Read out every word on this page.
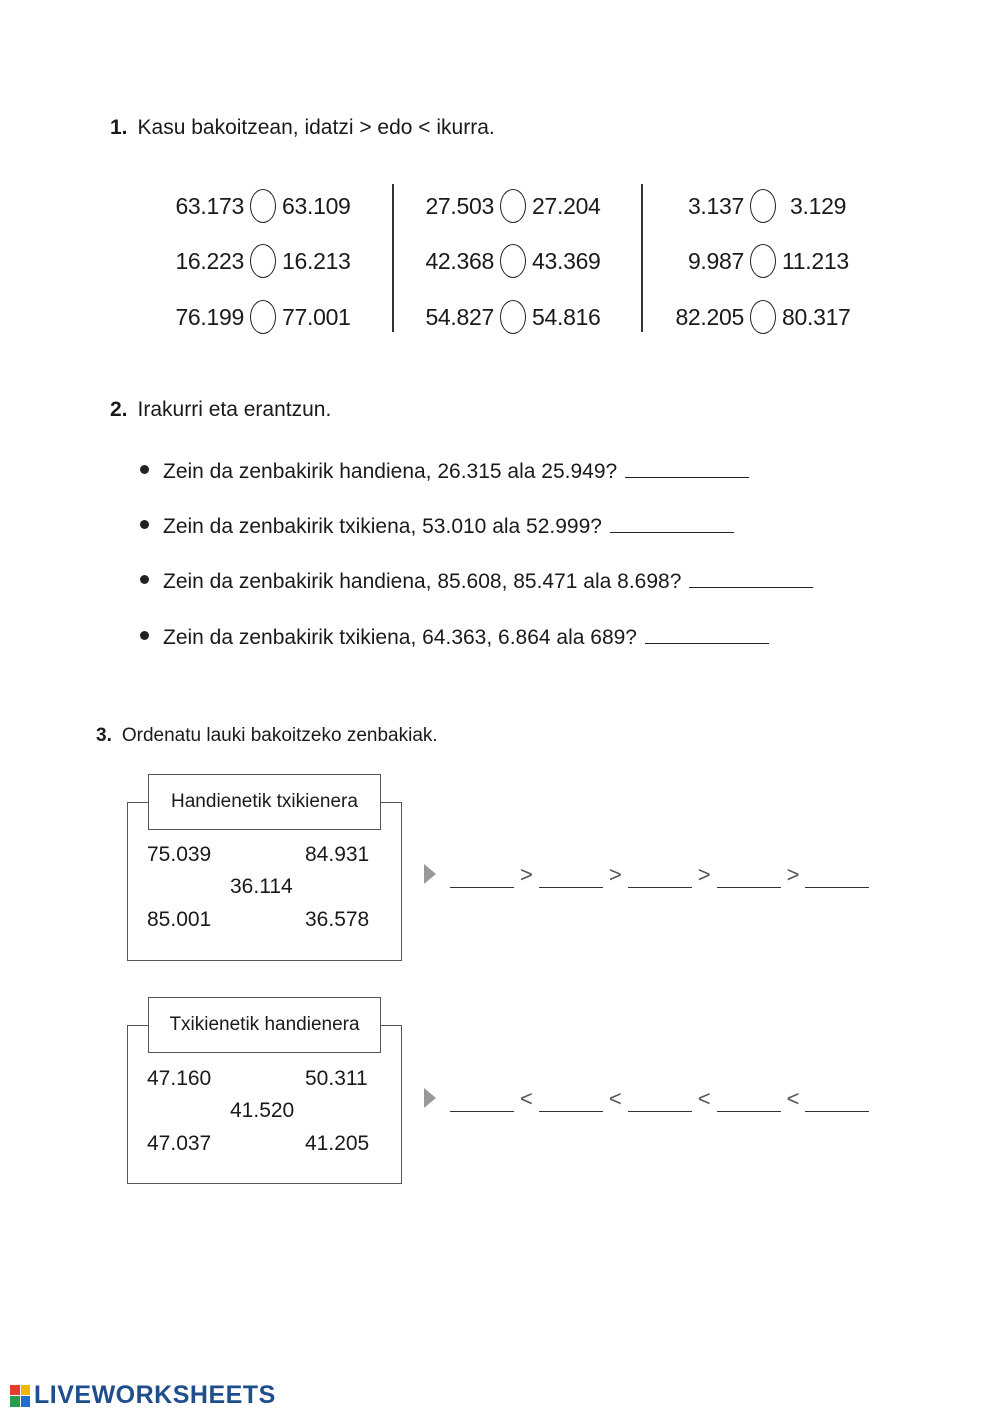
1. Kasu bakoitzean, idatzi > edo < ikurra.
63.173 63.109
16.223 16.213
76.199 77.001
27.503 27.204
42.368 43.369
54.827 54.816
3.137	3.129
9.987 11.213
82.205 80.317
2. Irakurri eta erantzun.
Zein da zenbakirik handiena, 26.315 ala 25.949?
Zein da zenbakirik txikiena, 53.010 ala 52.999?
Zein da zenbakirik handiena, 85.608, 85.471 ala 8.698?
Zein da zenbakirik txikiena, 64.363, 6.864 ala 689?
3. Ordenatu lauki bakoitzeko zenbakiak.
Handienetik txikienera
75.039	84.931
36.114
85.001	36.578
>	>	>	>
Txikienetik handienera
47.160	50.311
41.520
47.037	41.205
<	<	<	<
LIVEWORKSHEETS
